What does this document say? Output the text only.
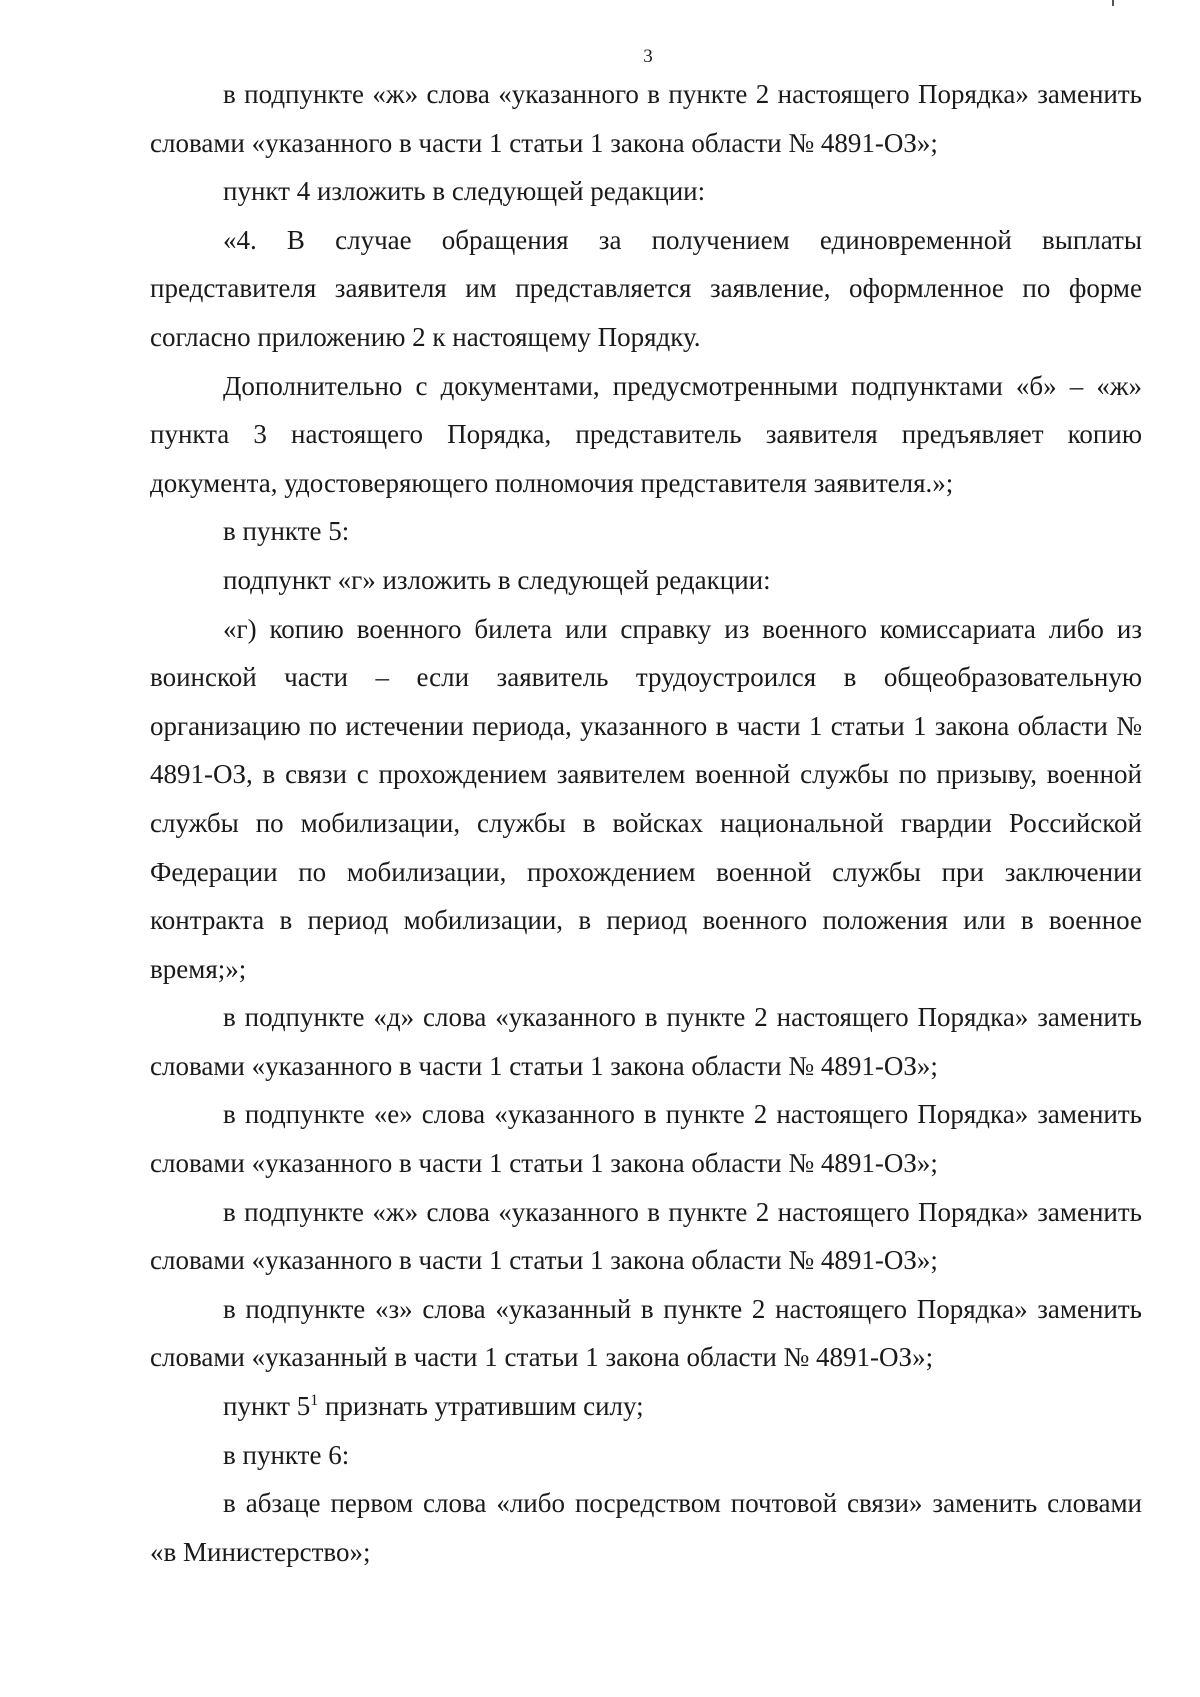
3

в подпункте «ж» слова «указанного в пункте 2 настоящего Порядка» заменить словами «указанного в части 1 статьи 1 закона области № 4891-ОЗ»;

пункт 4 изложить в следующей редакции:

«4. В случае обращения за получением единовременной выплаты представителя заявителя им представляется заявление, оформленное по форме согласно приложению 2 к настоящему Порядку.

Дополнительно с документами, предусмотренными подпунктами «б» – «ж» пункта 3 настоящего Порядка, представитель заявителя предъявляет копию документа, удостоверяющего полномочия представителя заявителя.»;

в пункте 5:

подпункт «г» изложить в следующей редакции:

«г) копию военного билета или справку из военного комиссариата либо из воинской части – если заявитель трудоустроился в общеобразовательную организацию по истечении периода, указанного в части 1 статьи 1 закона области № 4891-ОЗ, в связи с прохождением заявителем военной службы по призыву, военной службы по мобилизации, службы в войсках национальной гвардии Российской Федерации по мобилизации, прохождением военной службы при заключении контракта в период мобилизации, в период военного положения или в военное время;»;

в подпункте «д» слова «указанного в пункте 2 настоящего Порядка» заменить словами «указанного в части 1 статьи 1 закона области № 4891-ОЗ»;

в подпункте «е» слова «указанного в пункте 2 настоящего Порядка» заменить словами «указанного в части 1 статьи 1 закона области № 4891-ОЗ»;

в подпункте «ж» слова «указанного в пункте 2 настоящего Порядка» заменить словами «указанного в части 1 статьи 1 закона области № 4891-ОЗ»;

в подпункте «з» слова «указанный в пункте 2 настоящего Порядка» заменить словами «указанный в части 1 статьи 1 закона области № 4891-ОЗ»;

пункт $5^1$ признать утратившим силу;

в пункте 6:

в абзаце первом слова «либо посредством почтовой связи» заменить словами «в Министерство»;
